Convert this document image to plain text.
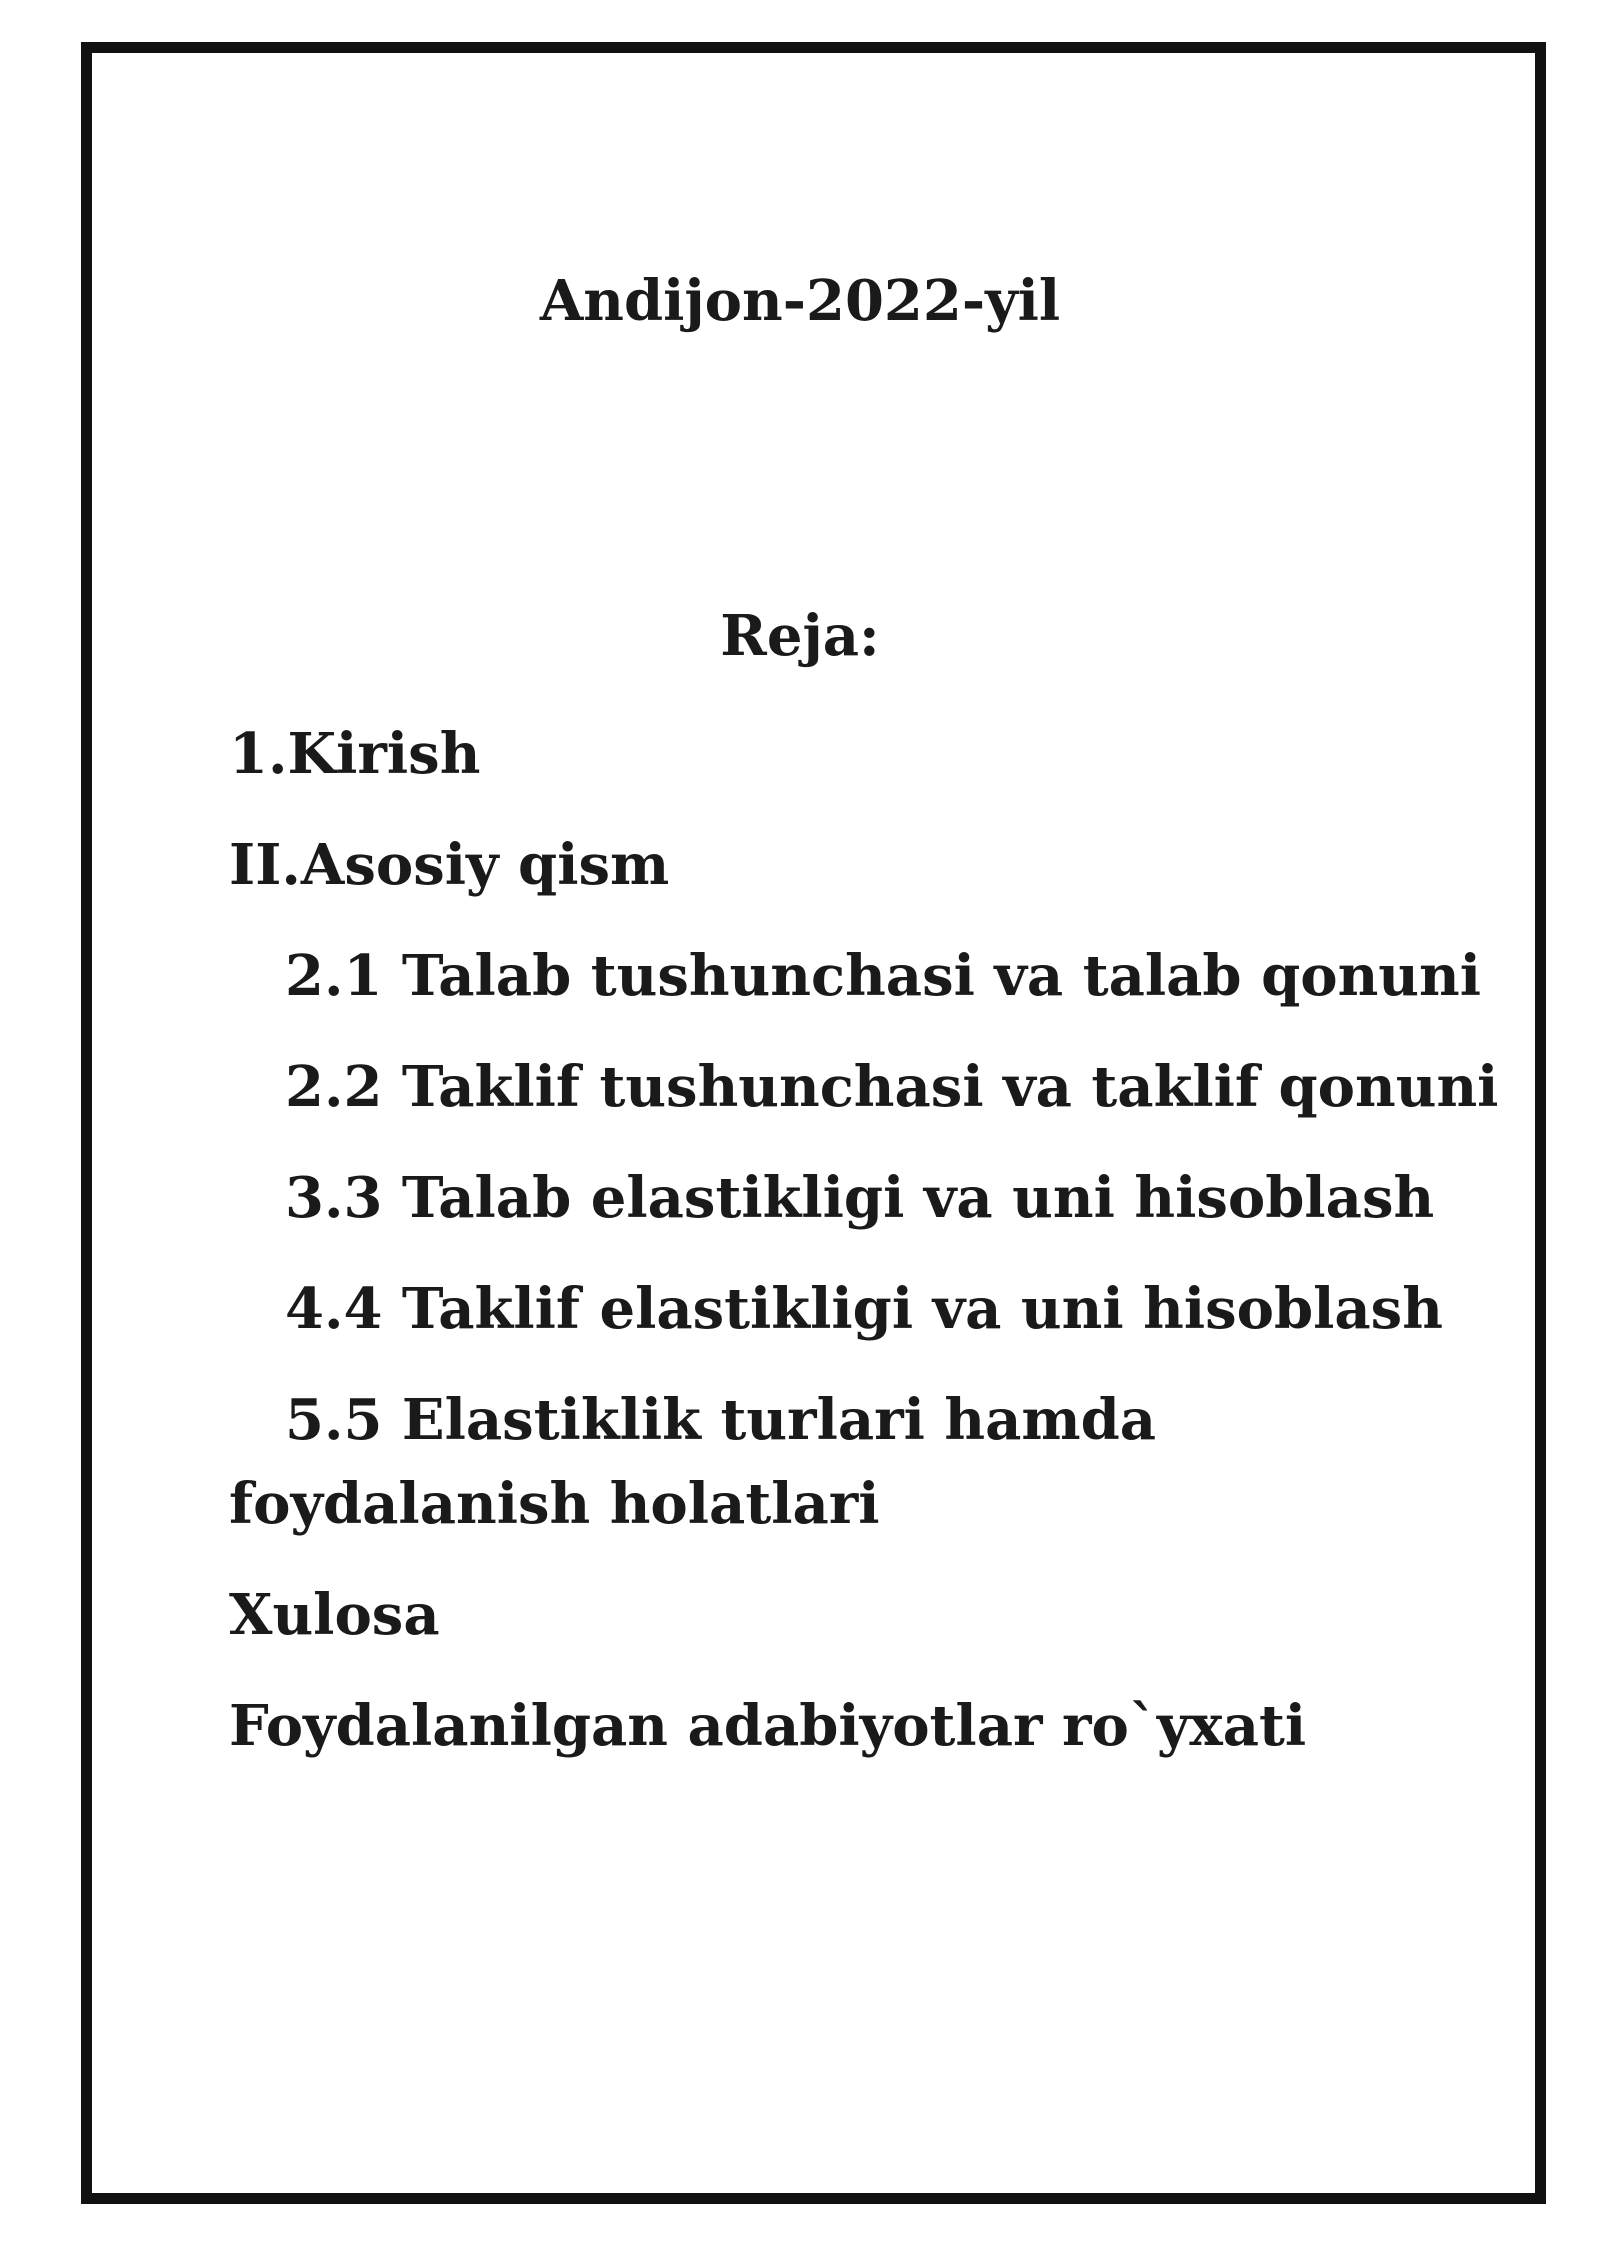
Andijon-2022-yil
Reja:
1.Kirish
II.Asosiy qism
2.1 Talab tushunchasi va talab qonuni
2.2 Taklif tushunchasi va taklif qonuni
3.3 Talab elastikligi va uni hisoblash
4.4 Taklif elastikligi va uni hisoblash
5.5 Elastiklik turlari hamda foydalanish holatlari
Xulosa
Foydalanilgan adabiyotlar ro`yxati
